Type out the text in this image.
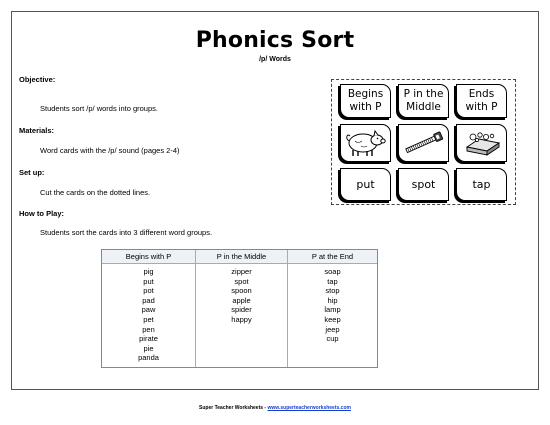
Phonics Sort
/p/ Words
Objective:
Students sort /p/ words into groups.
Materials:
Word cards with the /p/ sound (pages 2-4)
Set up:
Cut the cards on the dotted lines.
How to Play:
Students sort the cards into 3 different word groups.
Begins
with P
P in the
Middle
Ends
with P
put	spot	tap
Begins with P
pig
put
pot
pad
paw
pet
pen
pirate
pie
panda
P in the Middle
zipper
spot
spoon
apple
spider
happy
P at the End
soap
tap
stop
hip
lamp
keep
jeep
cup
Super Teacher Worksheets - www.superteacherworksheets.com
